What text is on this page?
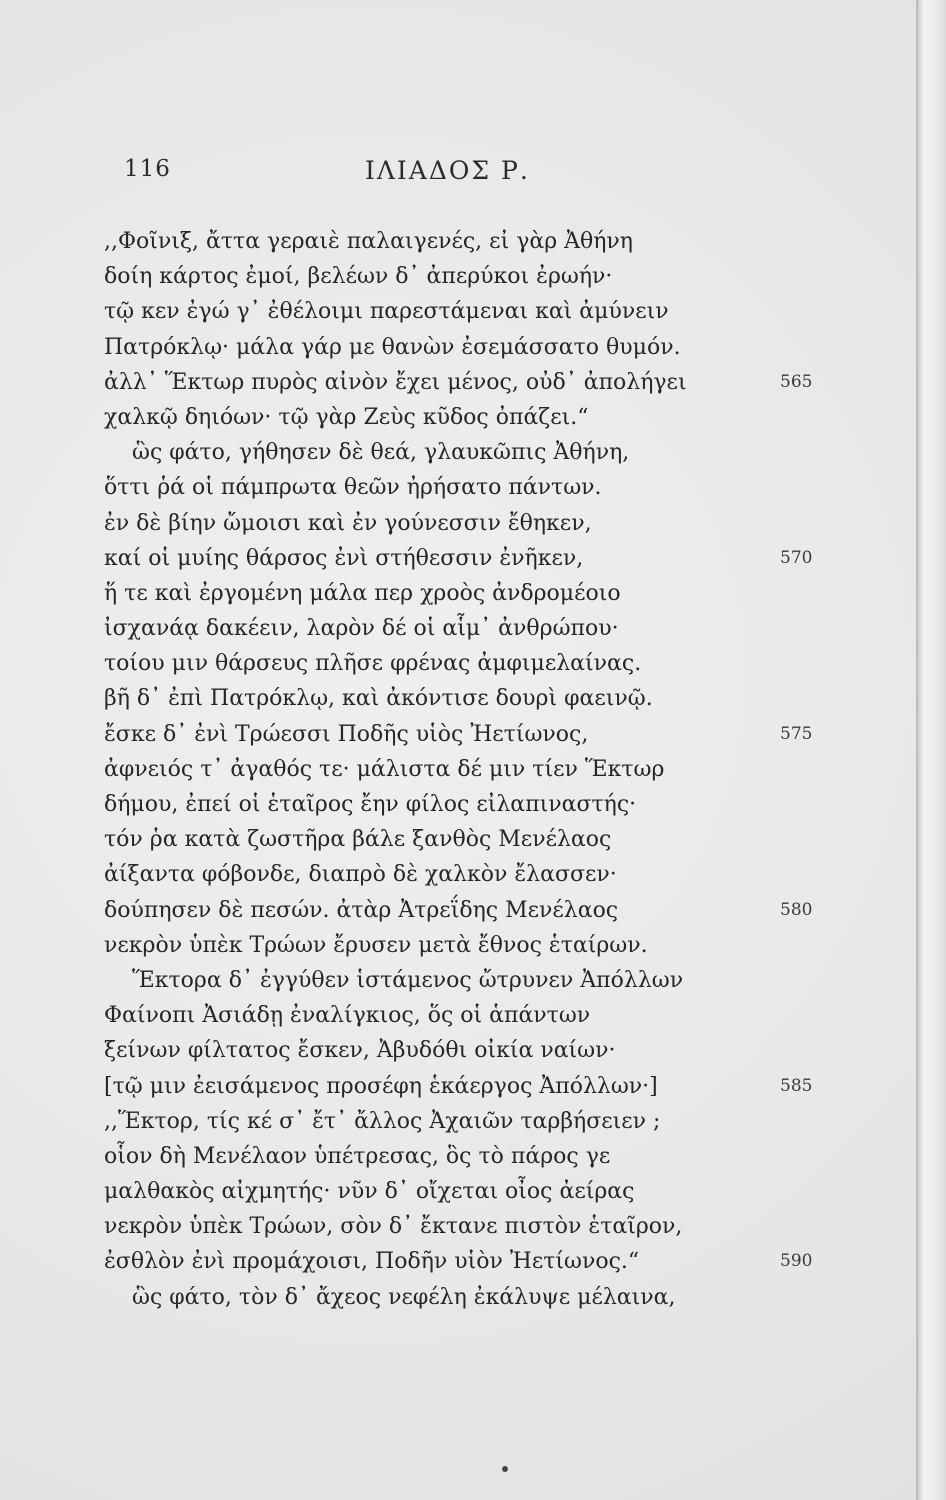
116	ΙΛΙΑΔΟΣ Ρ.
,,Φοῖνιξ, ἄττα γεραιὲ παλαιγενές, εἰ γὰρ Ἀθήνη
δοίη κάρτος ἐμοί, βελέων δ᾽ ἀπερύκοι ἐρωήν·
τῷ κεν ἐγώ γ᾽ ἐθέλοιμι παρεστάμεναι καὶ ἀμύνειν
Πατρόκλῳ· μάλα γάρ με θανὼν ἐσεμάσσατο θυμόν.
ἀλλ᾽ Ἕκτωρ πυρὸς αἰνὸν ἔχει μένος, οὐδ᾽ ἀπολήγει	565
χαλκῷ δηιόων· τῷ γὰρ Ζεὺς κῦδος ὀπάζει.“
ὣς φάτο, γήθησεν δὲ θεά, γλαυκῶπις Ἀθήνη,
ὅττι ῥά οἱ πάμπρωτα θεῶν ἠρήσατο πάντων.
ἐν δὲ βίην ὤμοισι καὶ ἐν γούνεσσιν ἔθηκεν,
καί οἱ μυίης θάρσος ἐνὶ στήθεσσιν ἐνῆκεν,	570
ἥ τε καὶ ἐργομένη μάλα περ χροὸς ἀνδρομέοιο
ἰσχανάᾳ δακέειν, λαρὸν δέ οἱ αἷμ᾽ ἀνθρώπου·
τοίου μιν θάρσευς πλῆσε φρένας ἀμφιμελαίνας.
βῆ δ᾽ ἐπὶ Πατρόκλῳ, καὶ ἀκόντισε δουρὶ φαεινῷ.
ἔσκε δ᾽ ἐνὶ Τρώεσσι Ποδῆς υἱὸς Ἠετίωνος,	575
ἀφνειός τ᾽ ἀγαθός τε· μάλιστα δέ μιν τίεν Ἕκτωρ
δήμου, ἐπεί οἱ ἑταῖρος ἔην φίλος εἰλαπιναστής·
τόν ῥα κατὰ ζωστῆρα βάλε ξανθὸς Μενέλαος
ἀίξαντα φόβονδε, διαπρὸ δὲ χαλκὸν ἔλασσεν·
δούπησεν δὲ πεσών. ἀτὰρ Ἀτρεΐδης Μενέλαος	580
νεκρὸν ὑπὲκ Τρώων ἔρυσεν μετὰ ἔθνος ἑταίρων.
Ἕκτορα δ᾽ ἐγγύθεν ἱστάμενος ὤτρυνεν Ἀπόλλων
Φαίνοπι Ἀσιάδῃ ἐναλίγκιος, ὅς οἱ ἁπάντων
ξείνων φίλτατος ἔσκεν, Ἀβυδόθι οἰκία ναίων·
[τῷ μιν ἐεισάμενος προσέφη ἑκάεργος Ἀπόλλων·]	585
,,Ἕκτορ, τίς κέ σ᾽ ἔτ᾽ ἄλλος Ἀχαιῶν ταρβήσειεν ;
οἷον δὴ Μενέλαον ὑπέτρεσας, ὃς τὸ πάρος γε
μαλθακὸς αἰχμητής· νῦν δ᾽ οἴχεται οἶος ἀείρας
νεκρὸν ὑπὲκ Τρώων, σὸν δ᾽ ἔκτανε πιστὸν ἑταῖρον,
ἐσθλὸν ἐνὶ προμάχοισι, Ποδῆν υἱὸν Ἠετίωνος.“	590
ὣς φάτο, τὸν δ᾽ ἄχεος νεφέλη ἐκάλυψε μέλαινα,
